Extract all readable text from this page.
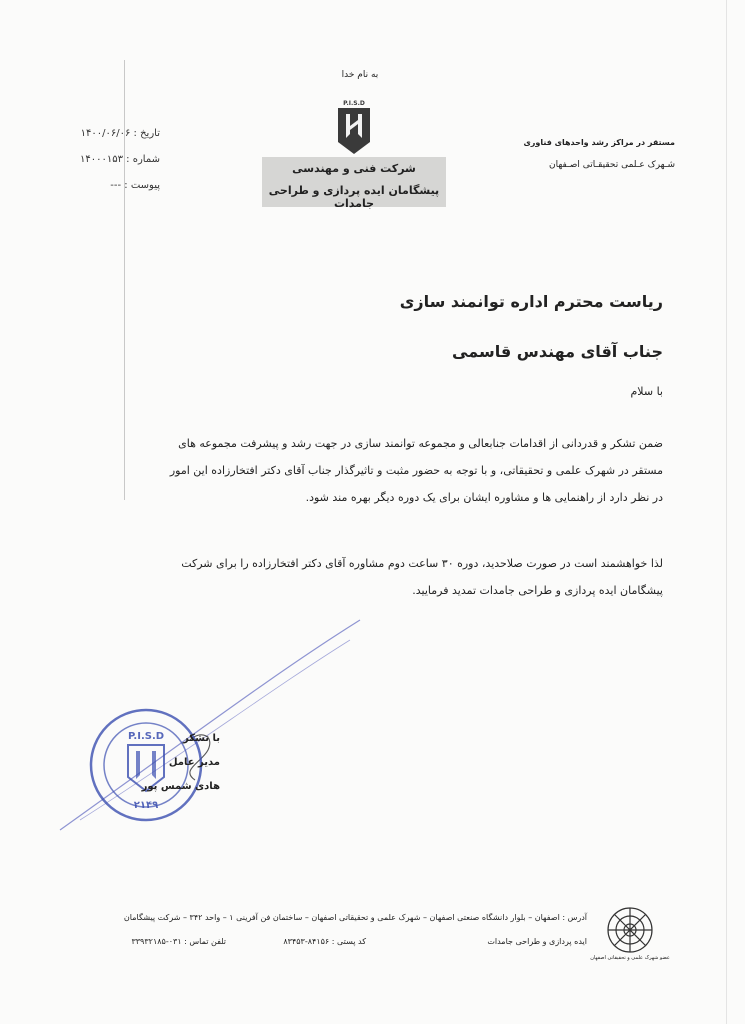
به نام خدا
P.I.S.D
شرکت فنی و مهندسی
پیشگامان ایده پردازی و طراحی جامدات
تاریخ : ۱۴۰۰/۰۶/۰۶
شماره : ۱۴۰۰۰۱۵۳
پیوست : ---
مستقر در مراکز رشد واحدهای فناوری
شـهرک عـلمی تحقیقـاتی اصـفهان
ریاست محترم اداره توانمند سازی
جناب آقای مهندس قاسمی
با سلام
ضمن تشکر و قدردانی از اقدامات جنابعالی و مجموعه توانمند سازی در جهت رشد و پیشرفت مجموعه های
مستقر در شهرک علمی و تحقیقاتی، و با توجه به حضور مثبت و تاثیرگذار جناب آقای دکتر افتخارزاده این امور
در نظر دارد از راهنمایی ها و مشاوره ایشان برای یک دوره دیگر بهره مند شود.
لذا خواهشمند است در صورت صلاحدید، دوره ۳۰ ساعت دوم مشاوره آقای دکتر افتخارزاده را برای شرکت
پیشگامان ایده پردازی و طراحی جامدات تمدید فرمایید.
P.I.S.D
۲۱۴۹
با تشکر
مدیر عامل
هادی شمس پور
آدرس : اصفهان – بلوار دانشگاه صنعتی اصفهان – شهرک علمی و تحقیقاتی اصفهان – ساختمان فن آفرینی ۱ – واحد ۳۴۲ – شرکت پیشگامان
ایده پردازی و طراحی جامدات
کد پستی : ۸۴۱۵۶-۸۳۴۵۳
تلفن تماس : ۰۳۱-۳۳۹۳۲۱۸۵
عضو شهرک علمی و تحقیقاتی اصفهان
